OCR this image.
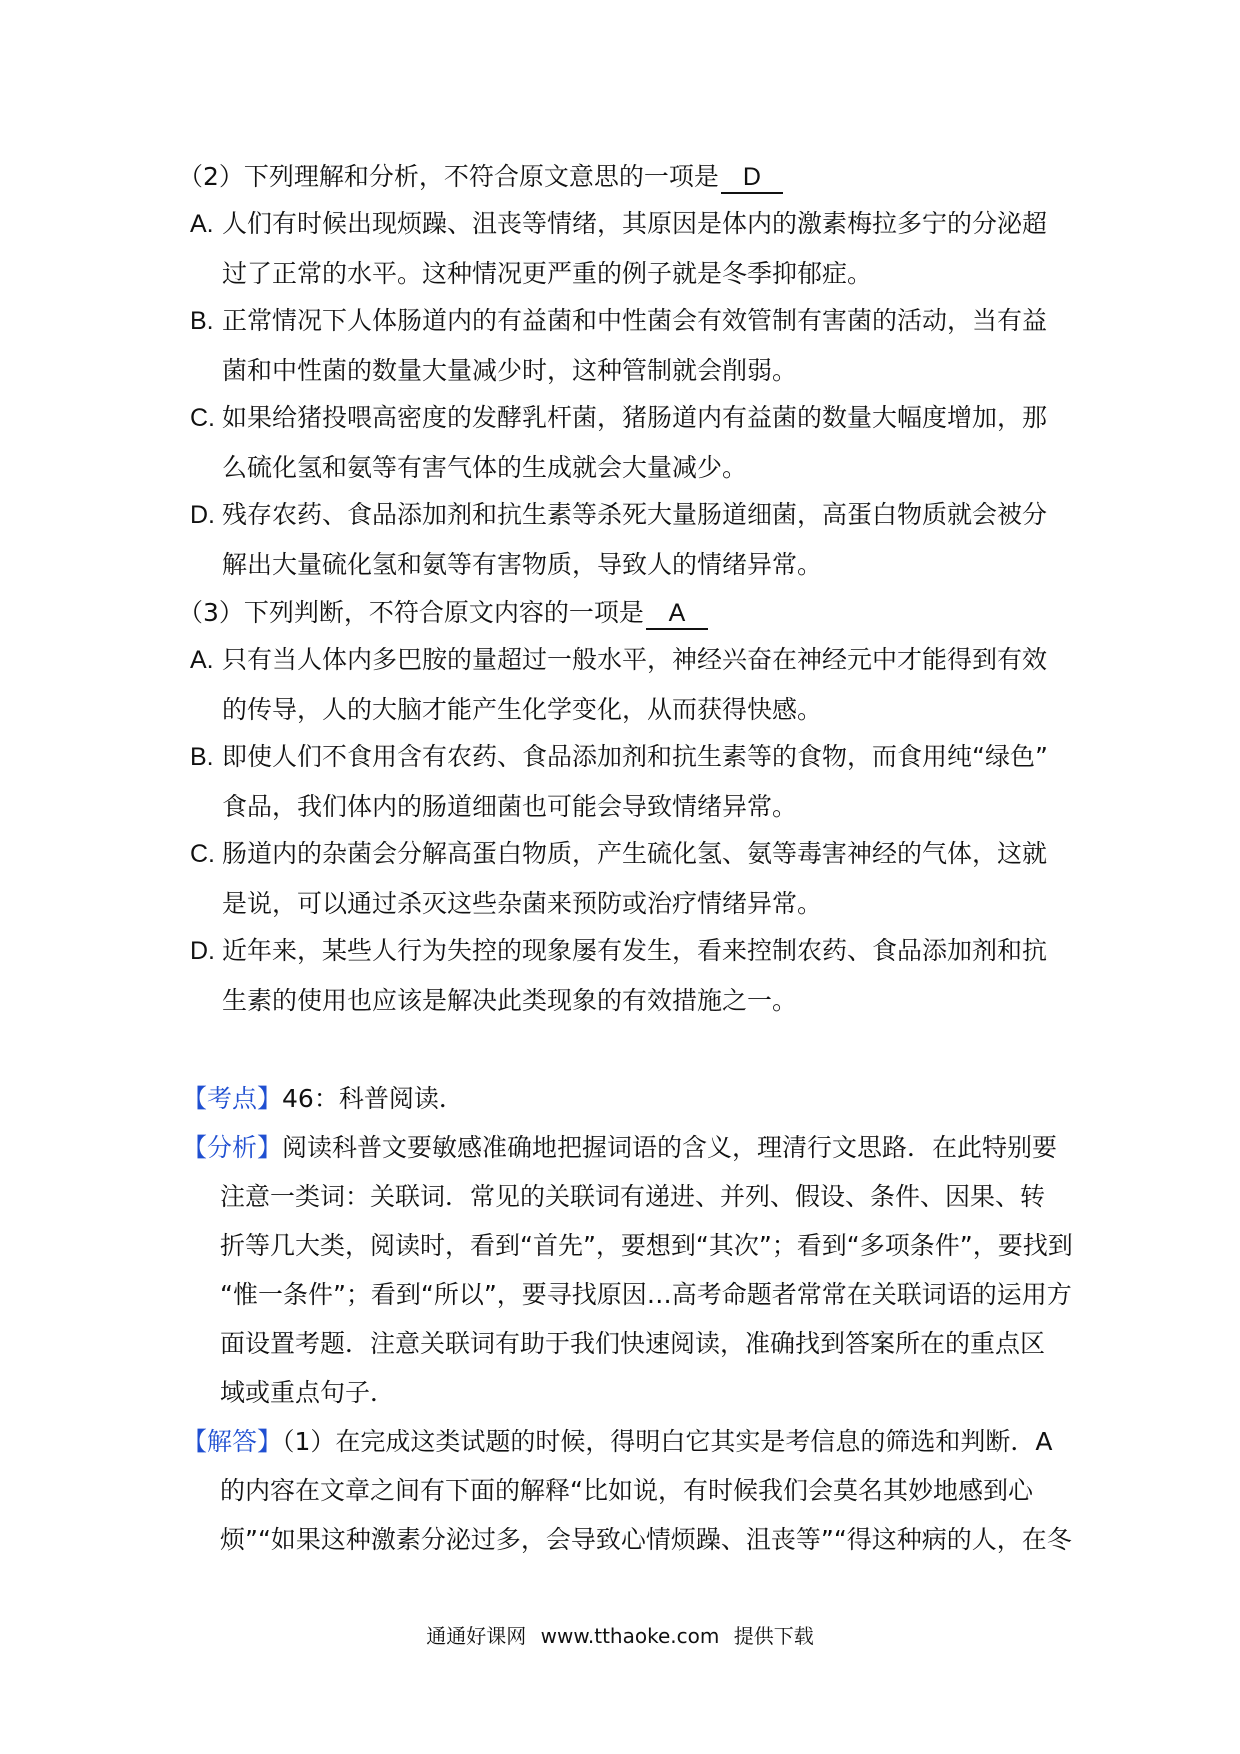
（2）下列理解和分析，不符合原文意思的一项是 D
A. 人们有时候出现烦躁、沮丧等情绪，其原因是体内的激素梅拉多宁的分泌超
过了正常的水平。这种情况更严重的例子就是冬季抑郁症。
B. 正常情况下人体肠道内的有益菌和中性菌会有效管制有害菌的活动，当有益
菌和中性菌的数量大量减少时，这种管制就会削弱。
C. 如果给猪投喂高密度的发酵乳杆菌，猪肠道内有益菌的数量大幅度增加，那
么硫化氢和氨等有害气体的生成就会大量减少。
D. 残存农药、食品添加剂和抗生素等杀死大量肠道细菌，高蛋白物质就会被分
解出大量硫化氢和氨等有害物质，导致人的情绪异常。
（3）下列判断，不符合原文内容的一项是 A
A. 只有当人体内多巴胺的量超过一般水平，神经兴奋在神经元中才能得到有效
的传导，人的大脑才能产生化学变化，从而获得快感。
B. 即使人们不食用含有农药、食品添加剂和抗生素等的食物，而食用纯“绿色”
食品，我们体内的肠道细菌也可能会导致情绪异常。
C. 肠道内的杂菌会分解高蛋白物质，产生硫化氢、氨等毒害神经的气体，这就
是说，可以通过杀灭这些杂菌来预防或治疗情绪异常。
D. 近年来，某些人行为失控的现象屡有发生，看来控制农药、食品添加剂和抗
生素的使用也应该是解决此类现象的有效措施之一。
【考点】46：科普阅读．
【分析】阅读科普文要敏感准确地把握词语的含义，理清行文思路．在此特别要
注意一类词：关联词．常见的关联词有递进、并列、假设、条件、因果、转
折等几大类，阅读时，看到“首先”，要想到“其次”；看到“多项条件”，要找到
“惟一条件”；看到“所以”，要寻找原因…高考命题者常常在关联词语的运用方
面设置考题．注意关联词有助于我们快速阅读，准确找到答案所在的重点区
域或重点句子．
【解答】（1）在完成这类试题的时候，得明白它其实是考信息的筛选和判断．A
的内容在文章之间有下面的解释“比如说，有时候我们会莫名其妙地感到心
烦”“如果这种激素分泌过多，会导致心情烦躁、沮丧等”“得这种病的人，在冬
通通好课网 www.tthaoke.com 提供下载
